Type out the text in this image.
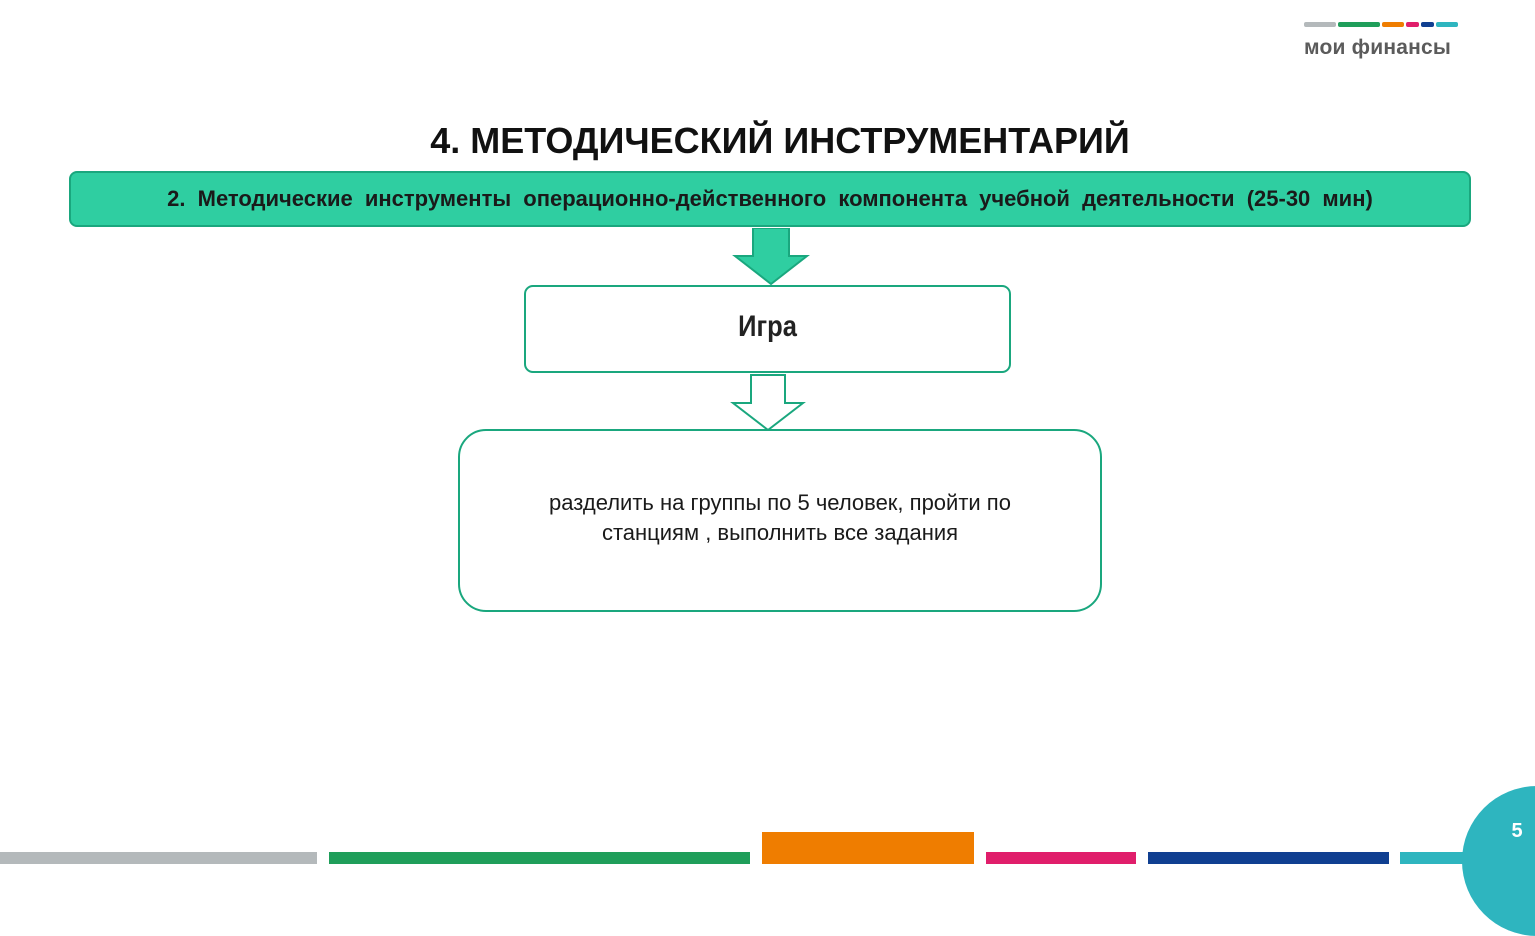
мои финансы
4. МЕТОДИЧЕСКИЙ ИНСТРУМЕНТАРИЙ
2. Методические инструменты операционно-действенного компонента учебной деятельности (25-30 мин)
Игра
разделить на группы по 5 человек, пройти по станциям , выполнить все задания
5
